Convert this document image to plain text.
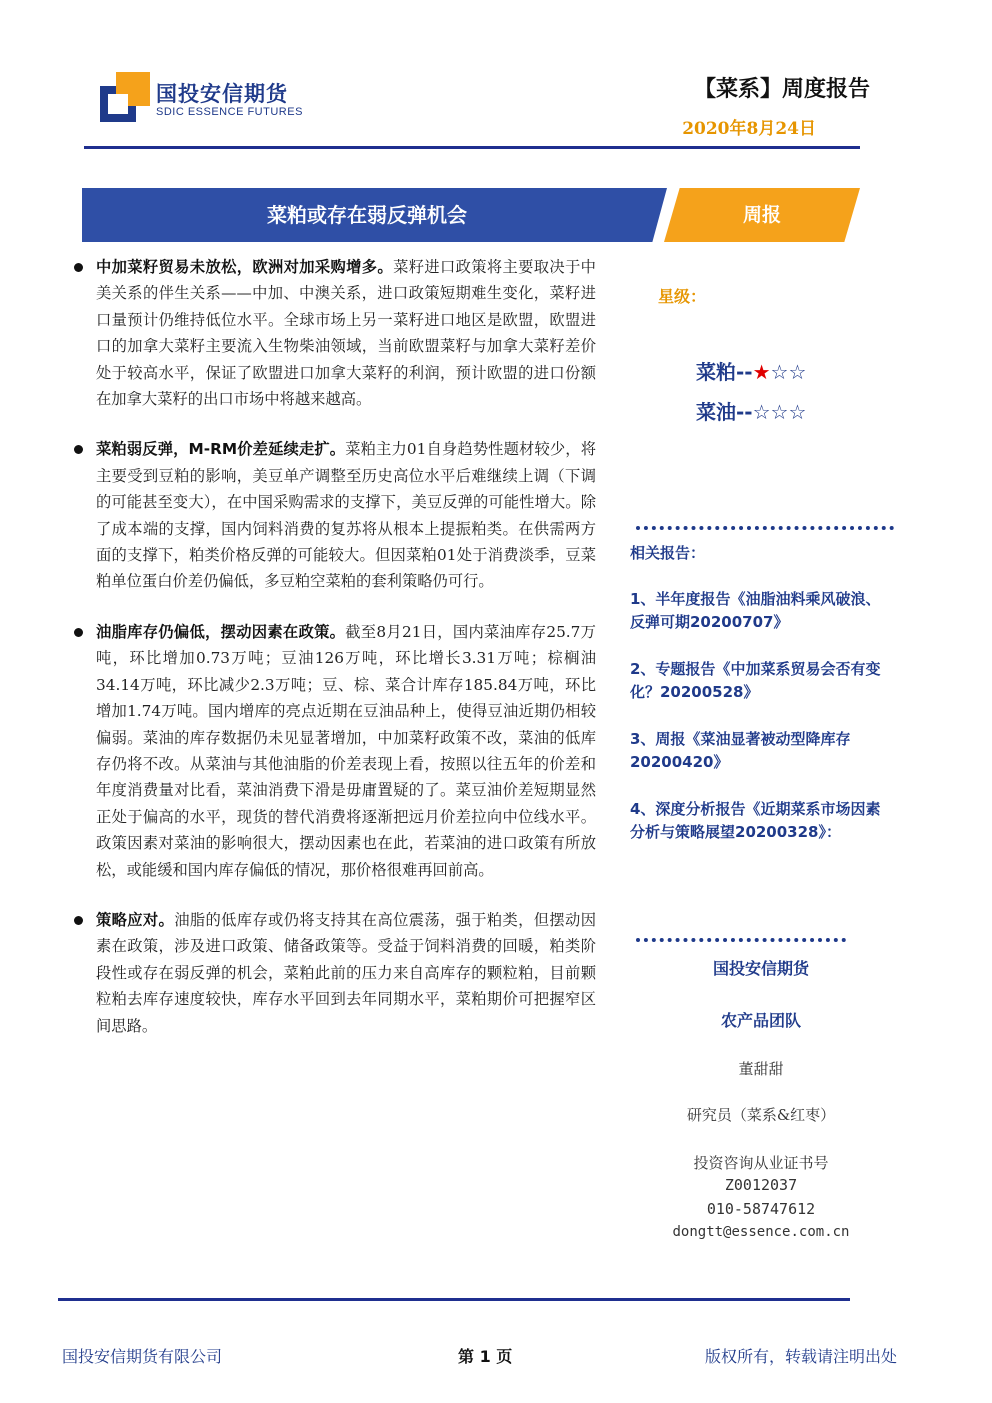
国投安信期货
SDIC ESSENCE FUTURES
【菜系】周度报告
2020年8月24日
菜粕或存在弱反弹机会	周报
中加菜籽贸易未放松，欧洲对加采购增多。菜籽进口政策将主要取决于中美关系的伴生关系——中加、中澳关系，进口政策短期难生变化，菜籽进口量预计仍维持低位水平。全球市场上另一菜籽进口地区是欧盟，欧盟进口的加拿大菜籽主要流入生物柴油领域，当前欧盟菜籽与加拿大菜籽差价处于较高水平，保证了欧盟进口加拿大菜籽的利润，预计欧盟的进口份额在加拿大菜籽的出口市场中将越来越高。
菜粕弱反弹，M-RM价差延续走扩。菜粕主力01自身趋势性题材较少，将主要受到豆粕的影响，美豆单产调整至历史高位水平后难继续上调（下调的可能甚至变大），在中国采购需求的支撑下，美豆反弹的可能性增大。除了成本端的支撑，国内饲料消费的复苏将从根本上提振粕类。在供需两方面的支撑下，粕类价格反弹的可能较大。但因菜粕01处于消费淡季，豆菜粕单位蛋白价差仍偏低，多豆粕空菜粕的套利策略仍可行。
油脂库存仍偏低，摆动因素在政策。截至8月21日，国内菜油库存25.7万吨，环比增加0.73万吨；豆油126万吨，环比增长3.31万吨；棕榈油34.14万吨，环比减少2.3万吨；豆、棕、菜合计库存185.84万吨，环比增加1.74万吨。国内增库的亮点近期在豆油品种上，使得豆油近期仍相较偏弱。菜油的库存数据仍未见显著增加，中加菜籽政策不改，菜油的低库存仍将不改。从菜油与其他油脂的价差表现上看，按照以往五年的价差和年度消费量对比看，菜油消费下滑是毋庸置疑的了。菜豆油价差短期显然正处于偏高的水平，现货的替代消费将逐渐把远月价差拉向中位线水平。政策因素对菜油的影响很大，摆动因素也在此，若菜油的进口政策有所放松，或能缓和国内库存偏低的情况，那价格很难再回前高。
策略应对。油脂的低库存或仍将支持其在高位震荡，强于粕类，但摆动因素在政策，涉及进口政策、储备政策等。受益于饲料消费的回暖，粕类阶段性或存在弱反弹的机会，菜粕此前的压力来自高库存的颗粒粕，目前颗粒粕去库存速度较快，库存水平回到去年同期水平，菜粕期价可把握窄区间思路。
星级：
菜粕--★☆☆
菜油--☆☆☆
相关报告：
1、半年度报告《油脂油料乘风破浪、反弹可期20200707》
2、专题报告《中加菜系贸易会否有变化？20200528》
3、周报《菜油显著被动型降库存20200420》
4、深度分析报告《近期菜系市场因素分析与策略展望20200328》：
国投安信期货
农产品团队
董甜甜
研究员（菜系&红枣）
投资咨询从业证书号
Z0012037
010-58747612
dongtt@essence.com.cn
国投安信期货有限公司	第 1 页	版权所有，转载请注明出处
